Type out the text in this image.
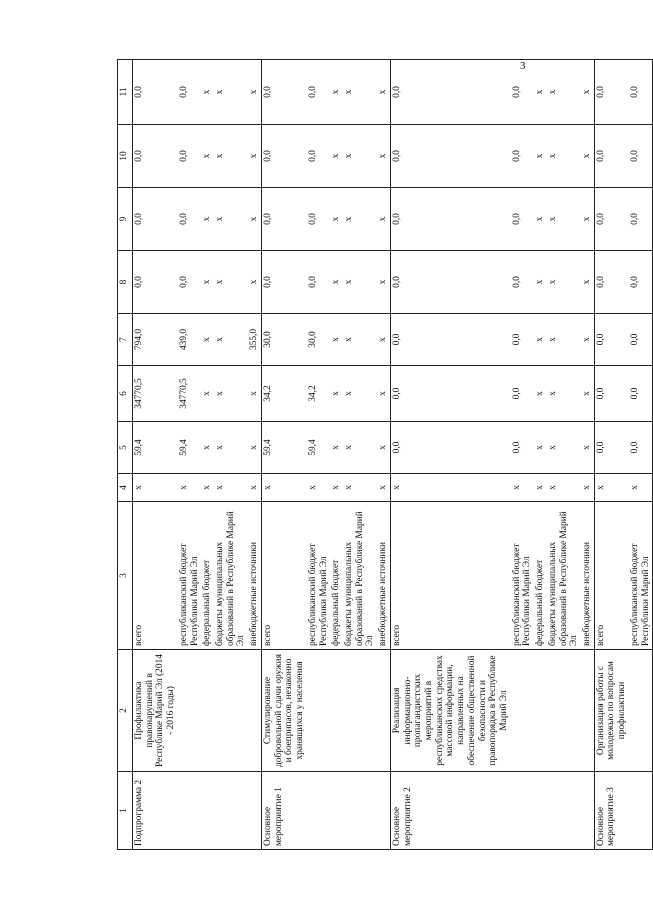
3
1	2	3	4	5	6	7	8	9	10	11
Подпрограмма 2	Профилактика правонарушений в Республике Марий Эл (2014 - 2016 годы)	всего	х	59,4	34770,5	794,0	0,0	0,0	0,0	0,0
		республиканский бюджет Республики Марий Эл	х	59,4	34770,5	439,0	0,0	0,0	0,0	0,0
		федеральный бюджет	х	х	х	х	х	х	х	х
		бюджеты муниципальных образований в Республике Марий Эл	х	х	х	х	х	х	х	х
		внебюджетные источники	х	х	х	355,0	х	х	х	х
Основное мероприятие 1	Стимулирование добровольной сдачи оружия и боеприпасов, незаконно хранящихся у населения	всего	х	59,4	34,2	30,0	0,0	0,0	0,0	0,0
		республиканский бюджет Республики Марий Эл	х	59,4	34,2	30,0	0,0	0,0	0,0	0,0
		федеральный бюджет	х	х	х	х	х	х	х	х
		бюджеты муниципальных образований в Республике Марий Эл	х	х	х	х	х	х	х	х
		внебюджетные источники	х	х	х	х	х	х	х	х
Основное мероприятие 2	Реализация информационно-пропагандистских мероприятий в республиканских средствах массовой информации, направленных на обеспечение общественной безопасности и правопорядка в Республике Марий Эл	всего	х	0,0	0,0	0,0	0,0	0,0	0,0	0,0
		республиканский бюджет Республики Марий Эл	х	0,0	0,0	0,0	0,0	0,0	0,0	0,0
		федеральный бюджет	х	х	х	х	х	х	х	х
		бюджеты муниципальных образований в Республике Марий Эл	х	х	х	х	х	х	х	х
		внебюджетные источники	х	х	х	х	х	х	х	х
Основное мероприятие 3	Организация работы с молодежью по вопросам профилактики	всего	х	0,0	0,0	0,0	0,0	0,0	0,0	0,0
		республиканский бюджет Республики Марий Эл	х	0,0	0,0	0,0	0,0	0,0	0,0	0,0
